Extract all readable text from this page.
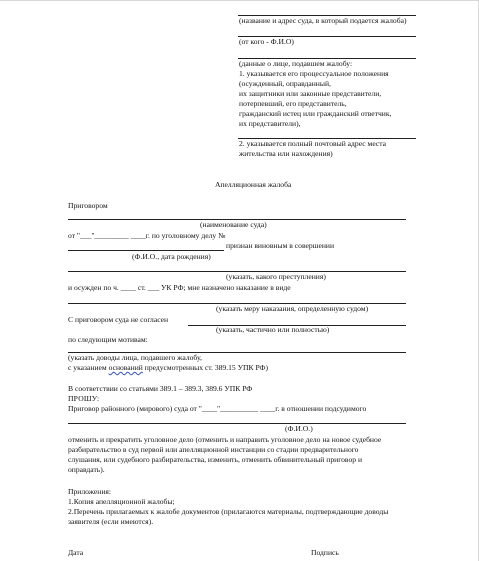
(название и адрес суда, в который подается жалоба)
(от кого - Ф.И.О)
(данные о лице, подавшем жалобу:
1. указывается его процессуальное положения
(осужденный, оправданный,
их защитники или законные представители,
потерпевший, его представитель,
гражданский истец или гражданский ответчик,
их представители),
2. указывается полный почтовый адрес места
жительства или нахождения)
Апелляционная жалоба
Приговором
(наименование суда)
от "___"_________ ____г. по уголовному делу №
признан виновным в совершении
(Ф.И.О., дата рождения)
(указать, какого преступления)
и осужден по ч. ____ ст. ___ УК РФ; мне назначено наказание в виде
(указать меру наказания, определенную судом)
С приговором суда не согласен
(указать, частично или полностью)
по следующим мотивам:
(указать доводы лица, подавшего жалобу,
с указанием оснований предусмотренных ст. 389.15 УПК РФ)
В соответствии со статьями 389.1 – 389.3, 389.6 УПК РФ
ПРОШУ:
Приговор районного (мирового) суда от "____"__________ ____г. в отношении подсудимого
(Ф.И.О.)
отменить и прекратить уголовное дело (отменить и направить уголовное дело на новое судебное
разбирательство в суд первой или апелляционной инстанции со стадии предварительного
слушания, или судебного разбирательства, изменить, отменить обвинительный приговор и
оправдать).
Приложения:
1.Копия апелляционной жалобы;
2.Перечень прилагаемых к жалобе документов (прилагаются материалы, подтверждающие доводы
заявителя (если имеются).
Дата	Подпись
